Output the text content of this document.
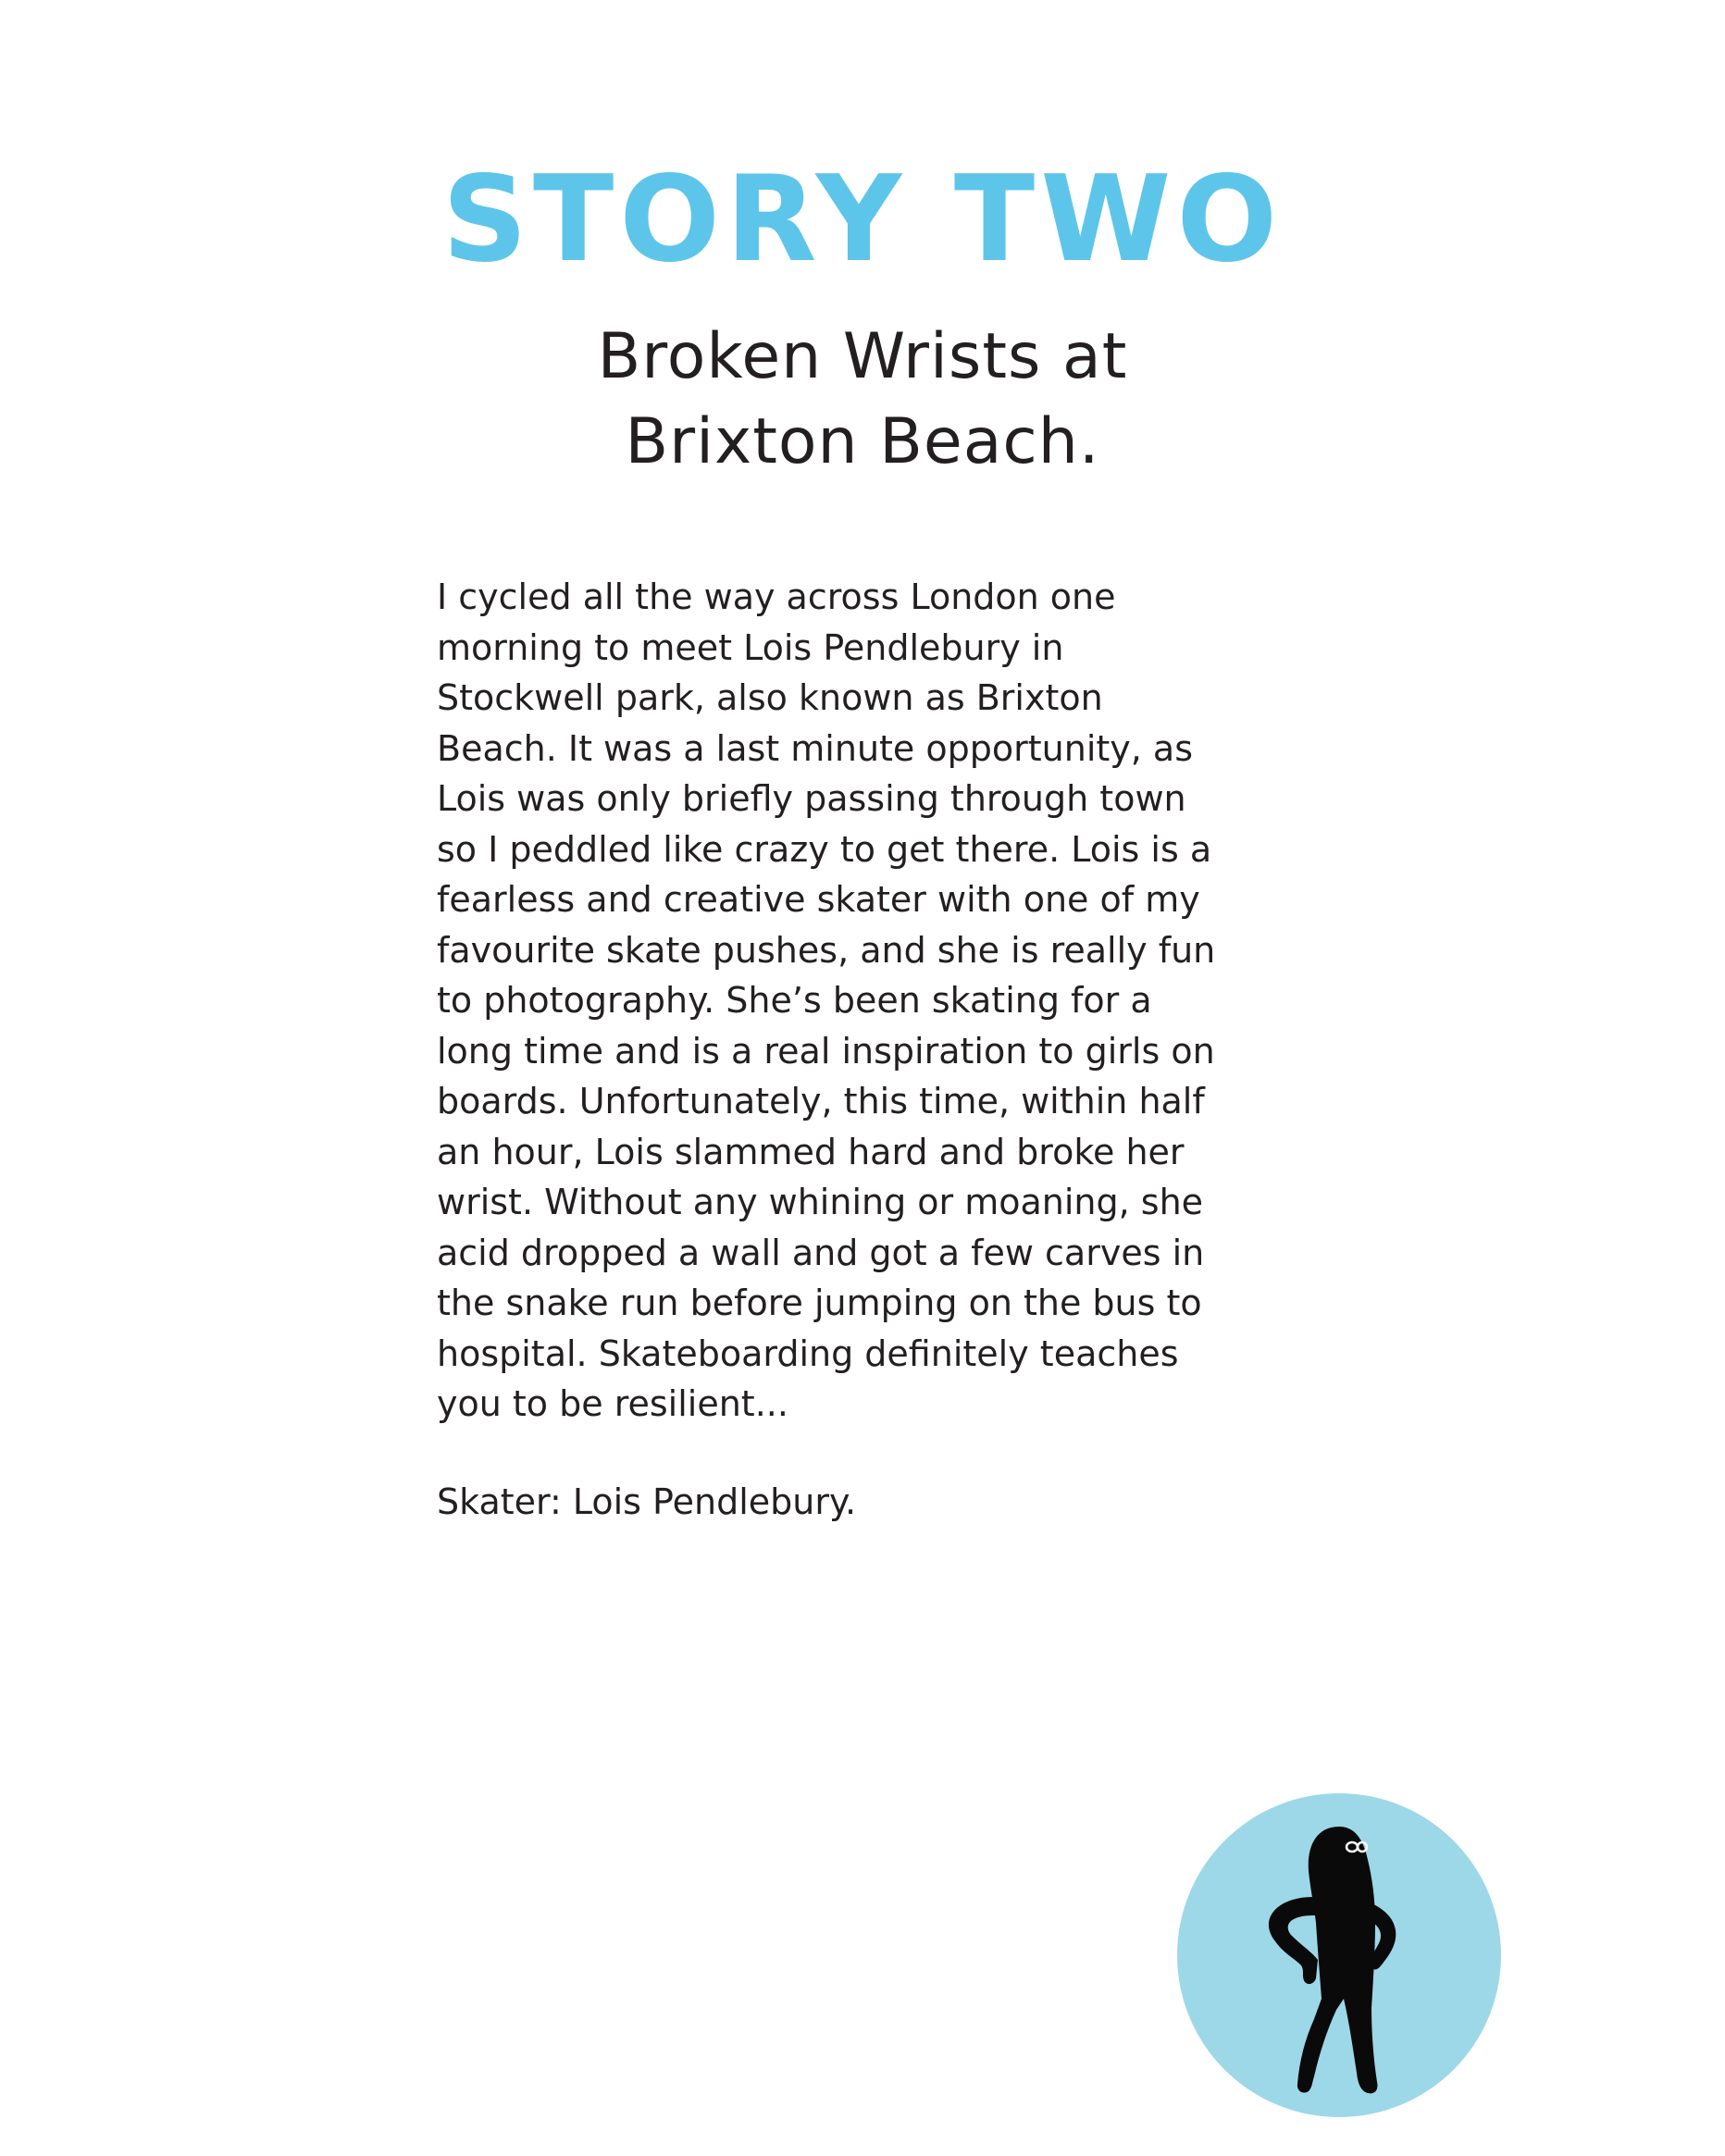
STORY TWO
Broken Wrists at
Brixton Beach.
I cycled all the way across London one
morning to meet Lois Pendlebury in
Stockwell park, also known as Brixton
Beach. It was a last minute opportunity, as
Lois was only briefly passing through town
so I peddled like crazy to get there. Lois is a
fearless and creative skater with one of my
favourite skate pushes, and she is really fun
to photography. She’s been skating for a
long time and is a real inspiration to girls on
boards. Unfortunately, this time, within half
an hour, Lois slammed hard and broke her
wrist. Without any whining or moaning, she
acid dropped a wall and got a few carves in
the snake run before jumping on the bus to
hospital. Skateboarding definitely teaches
you to be resilient...

Skater: Lois Pendlebury.
